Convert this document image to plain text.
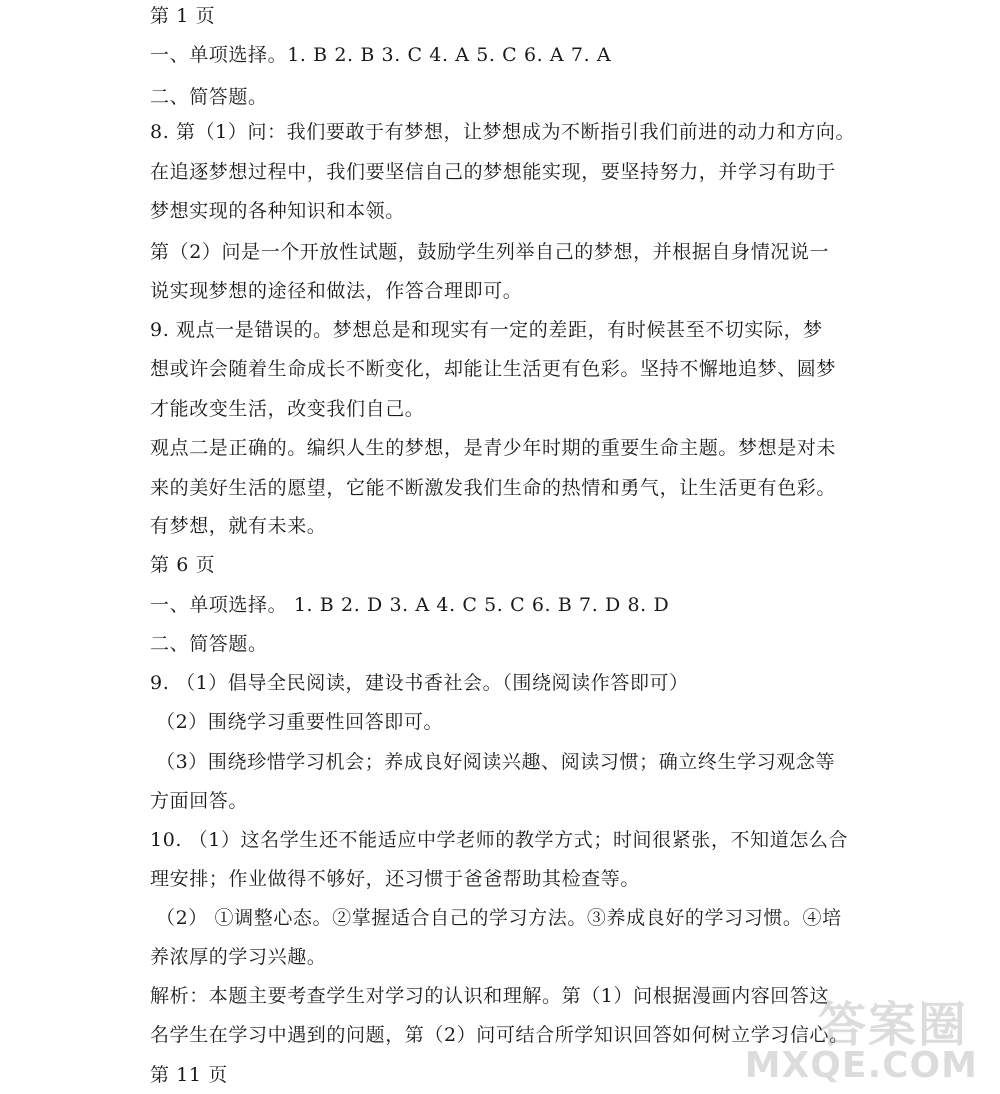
第 1 页
一、单项选择。1. B 2. B 3. C 4. A 5. C 6. A 7. A
二、简答题。
8. 第（1）问：我们要敢于有梦想，让梦想成为不断指引我们前进的动力和方向。
在追逐梦想过程中，我们要坚信自己的梦想能实现，要坚持努力，并学习有助于
梦想实现的各种知识和本领。
第（2）问是一个开放性试题，鼓励学生列举自己的梦想，并根据自身情况说一
说实现梦想的途径和做法，作答合理即可。
9. 观点一是错误的。梦想总是和现实有一定的差距，有时候甚至不切实际，梦
想或许会随着生命成长不断变化，却能让生活更有色彩。坚持不懈地追梦、圆梦
才能改变生活，改变我们自己。
观点二是正确的。编织人生的梦想，是青少年时期的重要生命主题。梦想是对未
来的美好生活的愿望，它能不断激发我们生命的热情和勇气，让生活更有色彩。
有梦想，就有未来。
第 6 页
一、单项选择。 1. B 2. D 3. A 4. C 5. C 6. B 7. D 8. D
二、简答题。
9. （1）倡导全民阅读，建设书香社会。（围绕阅读作答即可）
（2）围绕学习重要性回答即可。
（3）围绕珍惜学习机会；养成良好阅读兴趣、阅读习惯；确立终生学习观念等
方面回答。
10. （1）这名学生还不能适应中学老师的教学方式；时间很紧张，不知道怎么合
理安排；作业做得不够好，还习惯于爸爸帮助其检查等。
（2） ①调整心态。②掌握适合自己的学习方法。③养成良好的学习习惯。④培
养浓厚的学习兴趣。
解析：本题主要考查学生对学习的认识和理解。第（1）问根据漫画内容回答这
名学生在学习中遇到的问题，第（2）问可结合所学知识回答如何树立学习信心。
第 11 页
答案圈
MXQE.COM
